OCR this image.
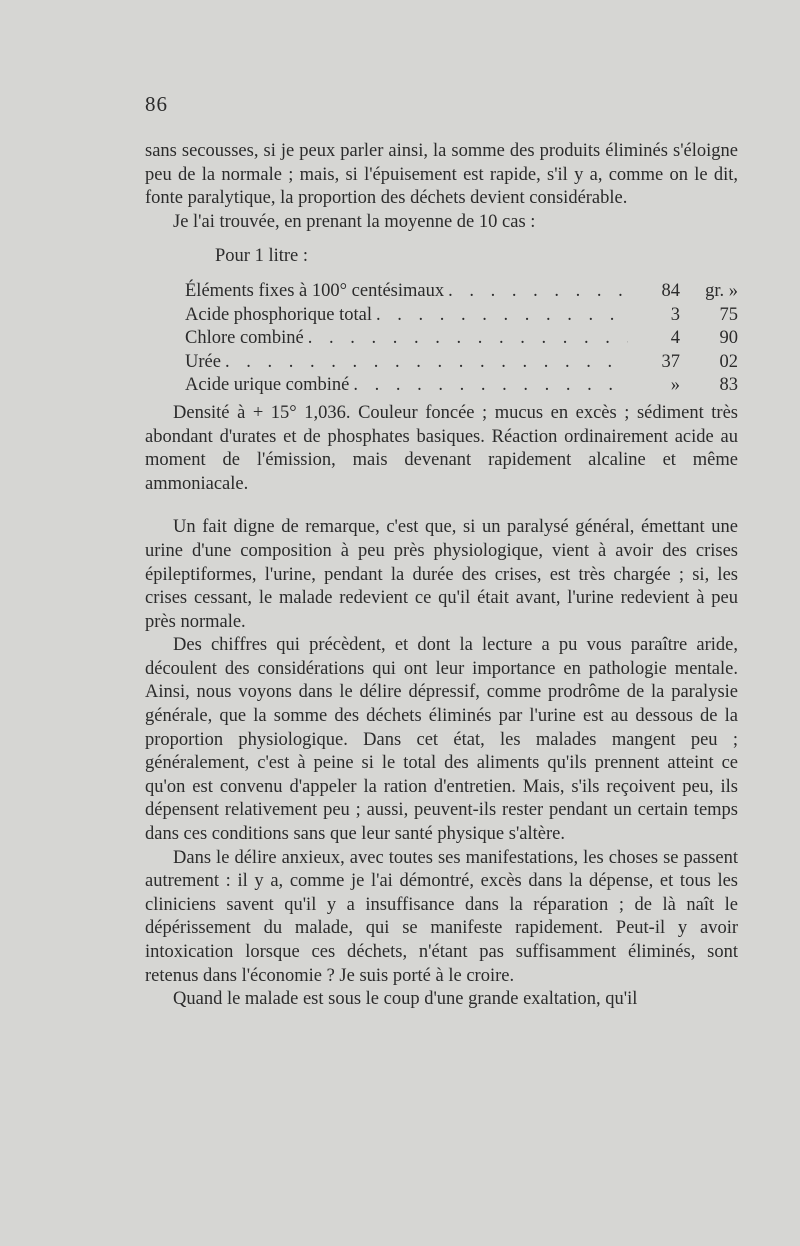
86

sans secousses, si je peux parler ainsi, la somme des produits éliminés s'éloigne peu de la normale ; mais, si l'épuisement est rapide, s'il y a, comme on le dit, fonte paralytique, la proportion des déchets devient considérable.

Je l'ai trouvée, en prenant la moyenne de 10 cas :

Pour 1 litre :
Éléments fixes à 100° centésimaux . . .	84	gr. »
Acide phosphorique total . . .	3	75
Chlore combiné . . .	4	90
Urée . . .	37	02
Acide urique combiné . . .	»	83

Densité à + 15° 1,036. Couleur foncée ; mucus en excès ; sédiment très abondant d'urates et de phosphates basiques. Réaction ordinairement acide au moment de l'émission, mais devenant rapidement alcaline et même ammoniacale.

Un fait digne de remarque, c'est que, si un paralysé général, émettant une urine d'une composition à peu près physiologique, vient à avoir des crises épileptiformes, l'urine, pendant la durée des crises, est très chargée ; si, les crises cessant, le malade redevient ce qu'il était avant, l'urine redevient à peu près normale.

Des chiffres qui précèdent, et dont la lecture a pu vous paraître aride, découlent des considérations qui ont leur importance en pathologie mentale. Ainsi, nous voyons dans le délire dépressif, comme prodrôme de la paralysie générale, que la somme des déchets éliminés par l'urine est au dessous de la proportion physiologique. Dans cet état, les malades mangent peu ; généralement, c'est à peine si le total des aliments qu'ils prennent atteint ce qu'on est convenu d'appeler la ration d'entretien. Mais, s'ils reçoivent peu, ils dépensent relativement peu ; aussi, peuvent-ils rester pendant un certain temps dans ces conditions sans que leur santé physique s'altère.

Dans le délire anxieux, avec toutes ses manifestations, les choses se passent autrement : il y a, comme je l'ai démontré, excès dans la dépense, et tous les cliniciens savent qu'il y a insuffisance dans la réparation ; de là naît le dépérissement du malade, qui se manifeste rapidement. Peut-il y avoir intoxication lorsque ces déchets, n'étant pas suffisamment éliminés, sont retenus dans l'économie ? Je suis porté à le croire.

Quand le malade est sous le coup d'une grande exaltation, qu'il
